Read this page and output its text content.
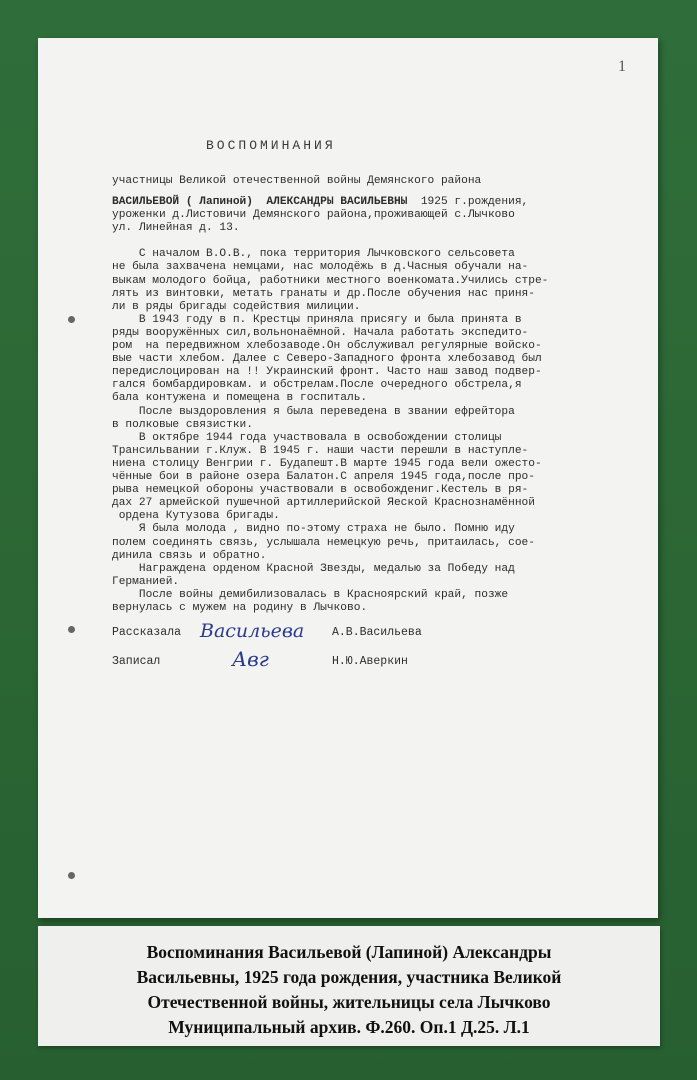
1
ВОСПОМИНАНИЯ
участницы Великой отечественной войны Демянского района
ВАСИЛЬЕВОЙ ( Лапиной)  АЛЕКСАНДРЫ ВАСИЛЬЕВНЫ  1925 г.рождения,
уроженки д.Листовичи Демянского района,проживающей с.Лычково
ул. Линейная д. 13.
С началом В.О.В., пока территория Лычковского сельсовета
не была захвачена немцами, нас молодёжь в д.Часныя обучали на-
выкам молодого бойца, работники местного военкомата.Учились стре-
лять из винтовки, метать гранаты и др.После обучения нас приня-
ли в ряды бригады содействия милиции.
В 1943 году в п. Крестцы приняла присягу и была принята в
ряды вооружённых сил,вольнонаёмной. Начала работать экспедито-
ром  на передвижном хлебозаводе.Он обслуживал регулярные войско-
вые части хлебом. Далее с Северо-Западного фронта хлебозавод был
передислоцирован на !! Украинский фронт. Часто наш завод подвер-
гался бомбардировкам. и обстрелам.После очередного обстрела,я
бала контужена и помещена в госпиталь.
После выздоровления я была переведена в звании ефрейтора
в полковые связистки.
В октябре 1944 года участвовала в освобождении столицы
Трансильвании г.Клуж. В 1945 г. наши части перешли в наступле-
ниена столицу Венгрии г. Будапешт.В марте 1945 года вели ожесто-
чённые бои в районе озера Балатон.С апреля 1945 года,после про-
рыва немецкой обороны участвовали в освобождениг.Кестель в ря-
дах 27 армейской пушечной артиллерийской Яеской Краснознамённой
ордена Кутузова бригады.
Я была молода , видно по-этому страха не было. Помню иду
полем соединять связь, услышала немецкую речь, притаилась, сое-
динила связь и обратно.
Награждена орденом Красной Звезды, медалью за Победу над
Германией.
После войны демибилизовалась в Красноярский край, позже
вернулась с мужем на родину в Лычково.
Рассказала Васильева А.В.Васильева
Записал	Авг	Н.Ю.Аверкин
Воспоминания Васильевой (Лапиной) Александры
Васильевны, 1925 года рождения, участника Великой
Отечественной войны, жительницы села Лычково
Муниципальный архив. Ф.260. Оп.1 Д.25. Л.1
